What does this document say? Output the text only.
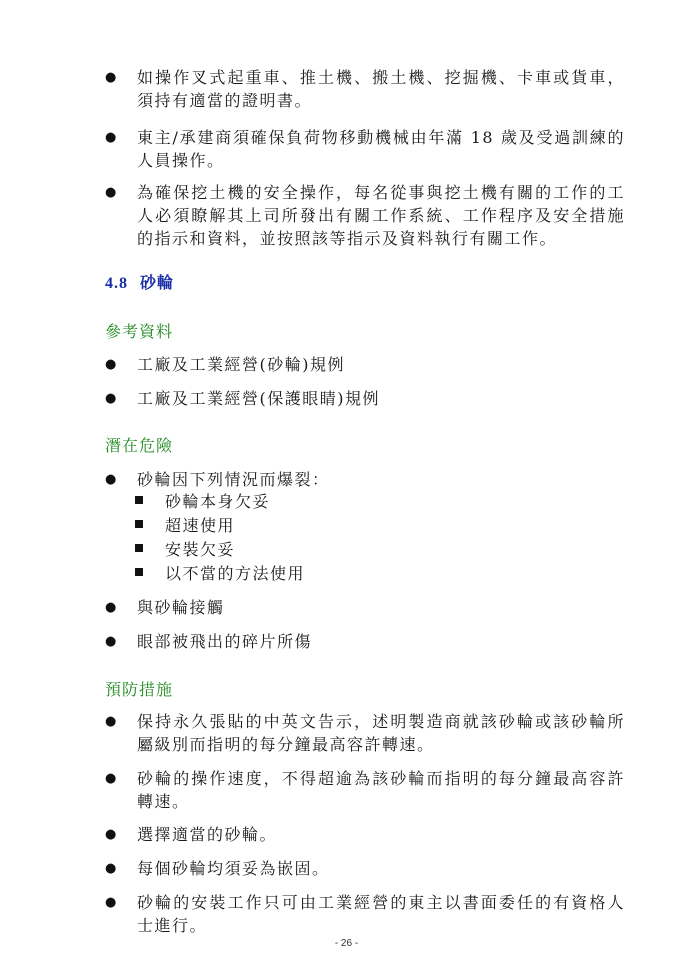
●	如操作叉式起重車、推土機、搬土機、挖掘機、卡車或貨車，須持有適當的證明書。
●	東主/承建商須確保負荷物移動機械由年滿 18 歲及受過訓練的人員操作。
●	為確保挖土機的安全操作，每名從事與挖土機有關的工作的工人必須瞭解其上司所發出有關工作系統、工作程序及安全措施的指示和資料，並按照該等指示及資料執行有關工作。
4.8 砂輪
參考資料
●	工廠及工業經營(砂輪)規例
●	工廠及工業經營(保護眼睛)規例
潛在危險
●	砂輪因下列情況而爆裂：
砂輪本身欠妥
超速使用
安裝欠妥
以不當的方法使用
●	與砂輪接觸
●	眼部被飛出的碎片所傷
預防措施
●	保持永久張貼的中英文告示，述明製造商就該砂輪或該砂輪所屬級別而指明的每分鐘最高容許轉速。
●	砂輪的操作速度，不得超逾為該砂輪而指明的每分鐘最高容許轉速。
●	選擇適當的砂輪。
●	每個砂輪均須妥為嵌固。
●	砂輪的安裝工作只可由工業經營的東主以書面委任的有資格人士進行。
- 26 -
